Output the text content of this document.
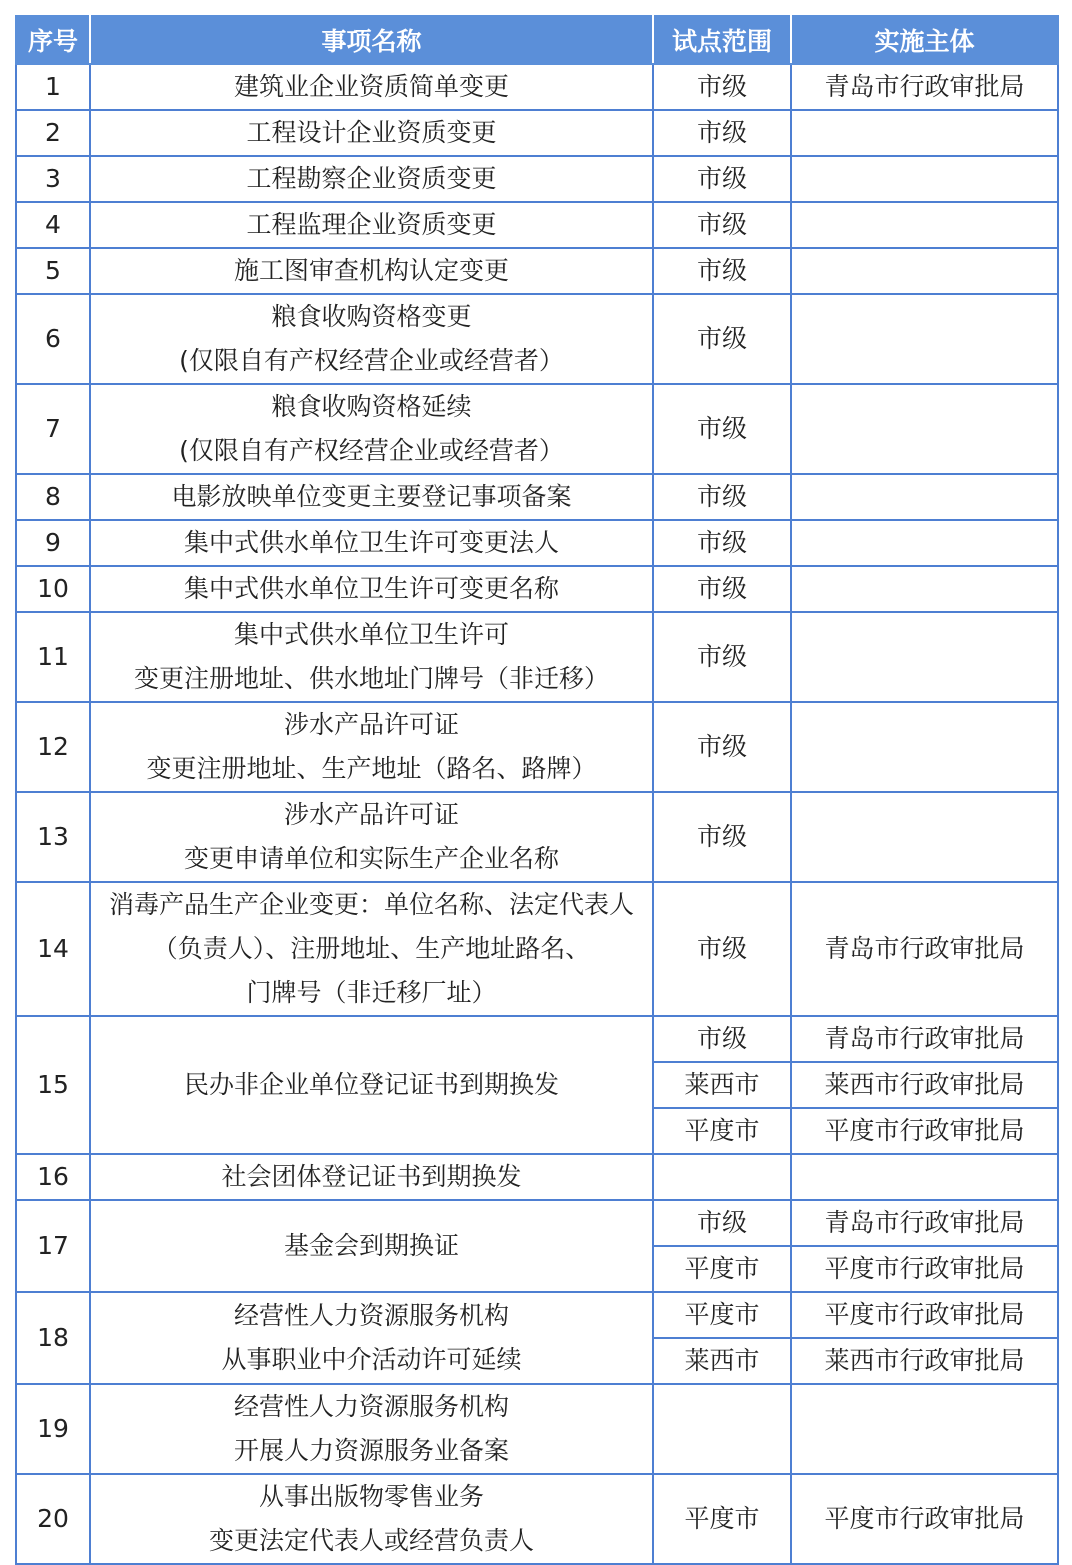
序号	事项名称	试点范围	实施主体
1	建筑业企业资质简单变更	市级	青岛市行政审批局
2	工程设计企业资质变更	市级	
3	工程勘察企业资质变更	市级	
4	工程监理企业资质变更	市级	
5	施工图审查机构认定变更	市级	
6	粮食收购资格变更
(仅限自有产权经营企业或经营者）	市级	
7	粮食收购资格延续
(仅限自有产权经营企业或经营者）	市级	
8	电影放映单位变更主要登记事项备案	市级	
9	集中式供水单位卫生许可变更法人	市级	
10	集中式供水单位卫生许可变更名称	市级	
11	集中式供水单位卫生许可
变更注册地址、供水地址门牌号（非迁移）	市级	
12	涉水产品许可证
变更注册地址、生产地址（路名、路牌）	市级	
13	涉水产品许可证
变更申请单位和实际生产企业名称	市级	
14	消毒产品生产企业变更：单位名称、法定代表人
（负责人）、注册地址、生产地址路名、
门牌号（非迁移厂址）	市级	青岛市行政审批局
15	民办非企业单位登记证书到期换发	市级	青岛市行政审批局
		莱西市	莱西市行政审批局
		平度市	平度市行政审批局
16	社会团体登记证书到期换发		

17	基金会到期换证	市级	青岛市行政审批局
		平度市	平度市行政审批局
18	经营性人力资源服务机构
从事职业中介活动许可延续	平度市	平度市行政审批局
		莱西市	莱西市行政审批局
19	经营性人力资源服务机构
开展人力资源服务业备案		

20	从事出版物零售业务
变更法定代表人或经营负责人	平度市	平度市行政审批局
